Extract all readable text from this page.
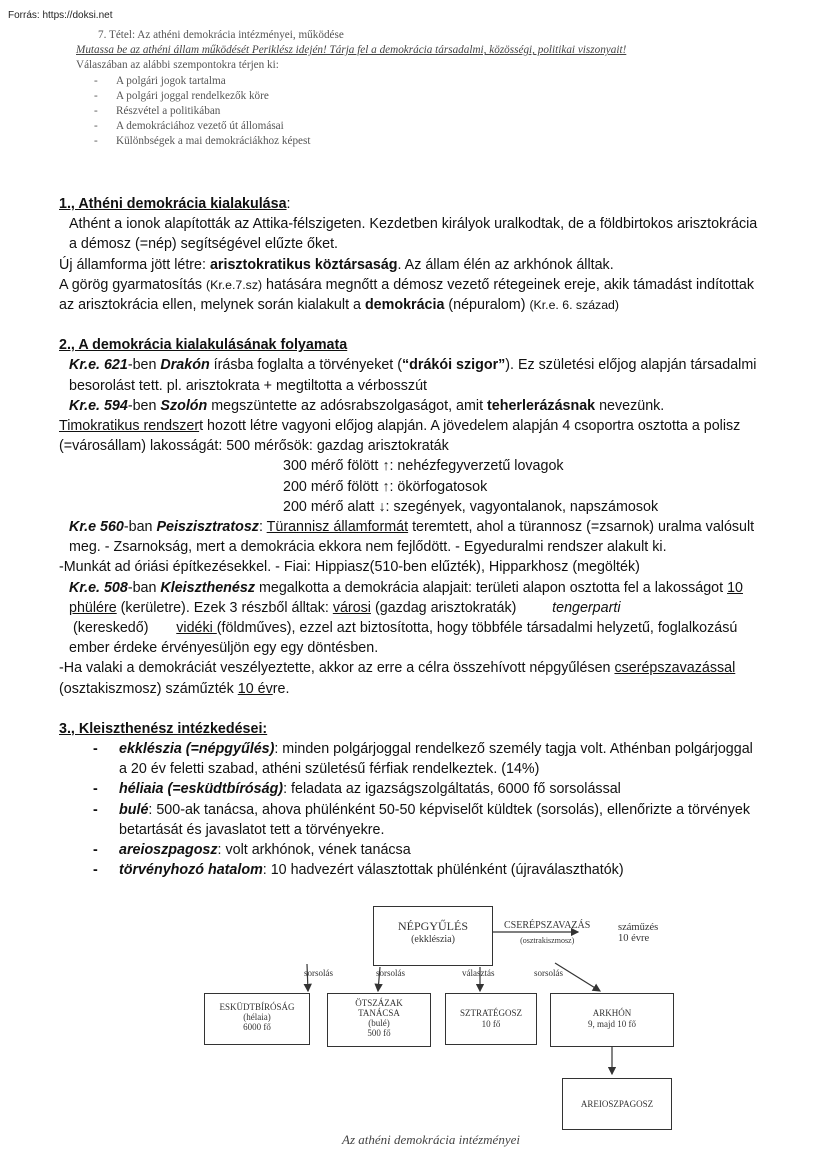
Forrás: https://doksi.net
7. Tétel: Az athéni demokrácia intézményei, működése
Mutassa be az athéni állam működését Periklész idején! Tárja fel a demokrácia társadalmi, közösségi, politikai viszonyait!
Válaszában az alábbi szempontokra térjen ki:
- A polgári jogok tartalma
- A polgári joggal rendelkezők köre
- Részvétel a politikában
- A demokráciához vezető út állomásai
- Különbségek a mai demokráciákhoz képest

1., Athéni demokrácia kialakulása:

Athént a ionok alapították az Attika-félszigeten. Kezdetben királyok uralkodtak, de a földbirtokos arisztokrácia a démosz (=nép) segítségével elűzte őket.

Új államforma jött létre: arisztokratikus köztársaság. Az állam élén az arkhónok álltak.

A görög gyarmatosítás (Kr.e.7.sz) hatására megnőtt a démosz vezető rétegeinek ereje, akik támadást indítottak az arisztokrácia ellen, melynek során kialakult a demokrácia (népuralom) (Kr.e. 6. század)

2., A demokrácia kialakulásának folyamata

Kr.e. 621-ben Drakón írásba foglalta a törvényeket (“drákói szigor”). Ez születési előjog alapján társadalmi besorolást tett. pl. arisztokrata + megtiltotta a vérbosszút

Kr.e. 594-ben Szolón megszüntette az adósrabszolgaságot, amit teherlerázásnak nevezünk.

Timokratikus rendszert hozott létre vagyoni előjog alapján. A jövedelem alapján 4 csoportra osztotta a polisz (=városállam) lakosságát: 500 mérősök: gazdag arisztokraták

300 mérő fölött ↑: nehézfegyverzetű lovagok

200 mérő fölött ↑: ökörfogatosok

200 mérő alatt ↓: szegények, vagyontalanok, napszámosok

Kr.e 560-ban Peiszisztratosz: Türannisz államformát teremtett, ahol a türannosz (=zsarnok) uralma valósult meg. - Zsarnokság, mert a demokrácia ekkora nem fejlődött. - Egyeduralmi rendszer alakult ki.

-Munkát ad óriási építkezésekkel. - Fiai: Hippiasz(510-ben elűzték), Hipparkhosz (megölték)

Kr.e. 508-ban Kleiszthenész megalkotta a demokrácia alapjait: területi alapon osztotta fel a lakosságot 10 phülére (kerületre). Ezek 3 részből álltak: városi (gazdag arisztokraták)         tengerparti (kereskedő)       vidéki (földműves), ezzel azt biztosította, hogy többféle társadalmi helyzetű, foglalkozású ember érdeke érvényesüljön egy egy döntésben.

-Ha valaki a demokráciát veszélyeztette, akkor az erre a célra összehívott népgyűlésen cserépszavazással (osztakiszmosz) száműzték 10 évre.

3., Kleiszthenész intézkedései:

- ekklészia (=népgyűlés): minden polgárjoggal rendelkező személy tagja volt. Athénban polgárjoggal a 20 év feletti szabad, athéni születésű férfiak rendelkeztek. (14%)
- héliaia (=esküdtbíróság): feladata az igazságszolgáltatás, 6000 fő sorsolással
- bulé: 500-ak tanácsa, ahova phülénként 50-50 képviselőt küldtek (sorsolás), ellenőrizte a törvények betartását és javaslatot tett a törvényekre.
- areioszpagosz: volt arkhónok, vének tanácsa
- törvényhozó hatalom: 10 hadvezért választottak phülénként (újraválaszthatók)
NÉPGYŰLÉS
(ekklészia)
CSERÉPSZAVAZÁS
(osztrakiszmosz)
száműzés
10 évre
sorsolás	sorsolás	választás	sorsolás
ESKÜDTBÍRÓSÁG
(hélaia)
6000 fő
ÖTSZÁZAK
TANÁCSA
(bulé)
500 fő
SZTRATÉGOSZ
10 fő
ARKHÓN
9, majd 10 fő
AREIOSZPAGOSZ
Az athéni demokrácia intézményei
